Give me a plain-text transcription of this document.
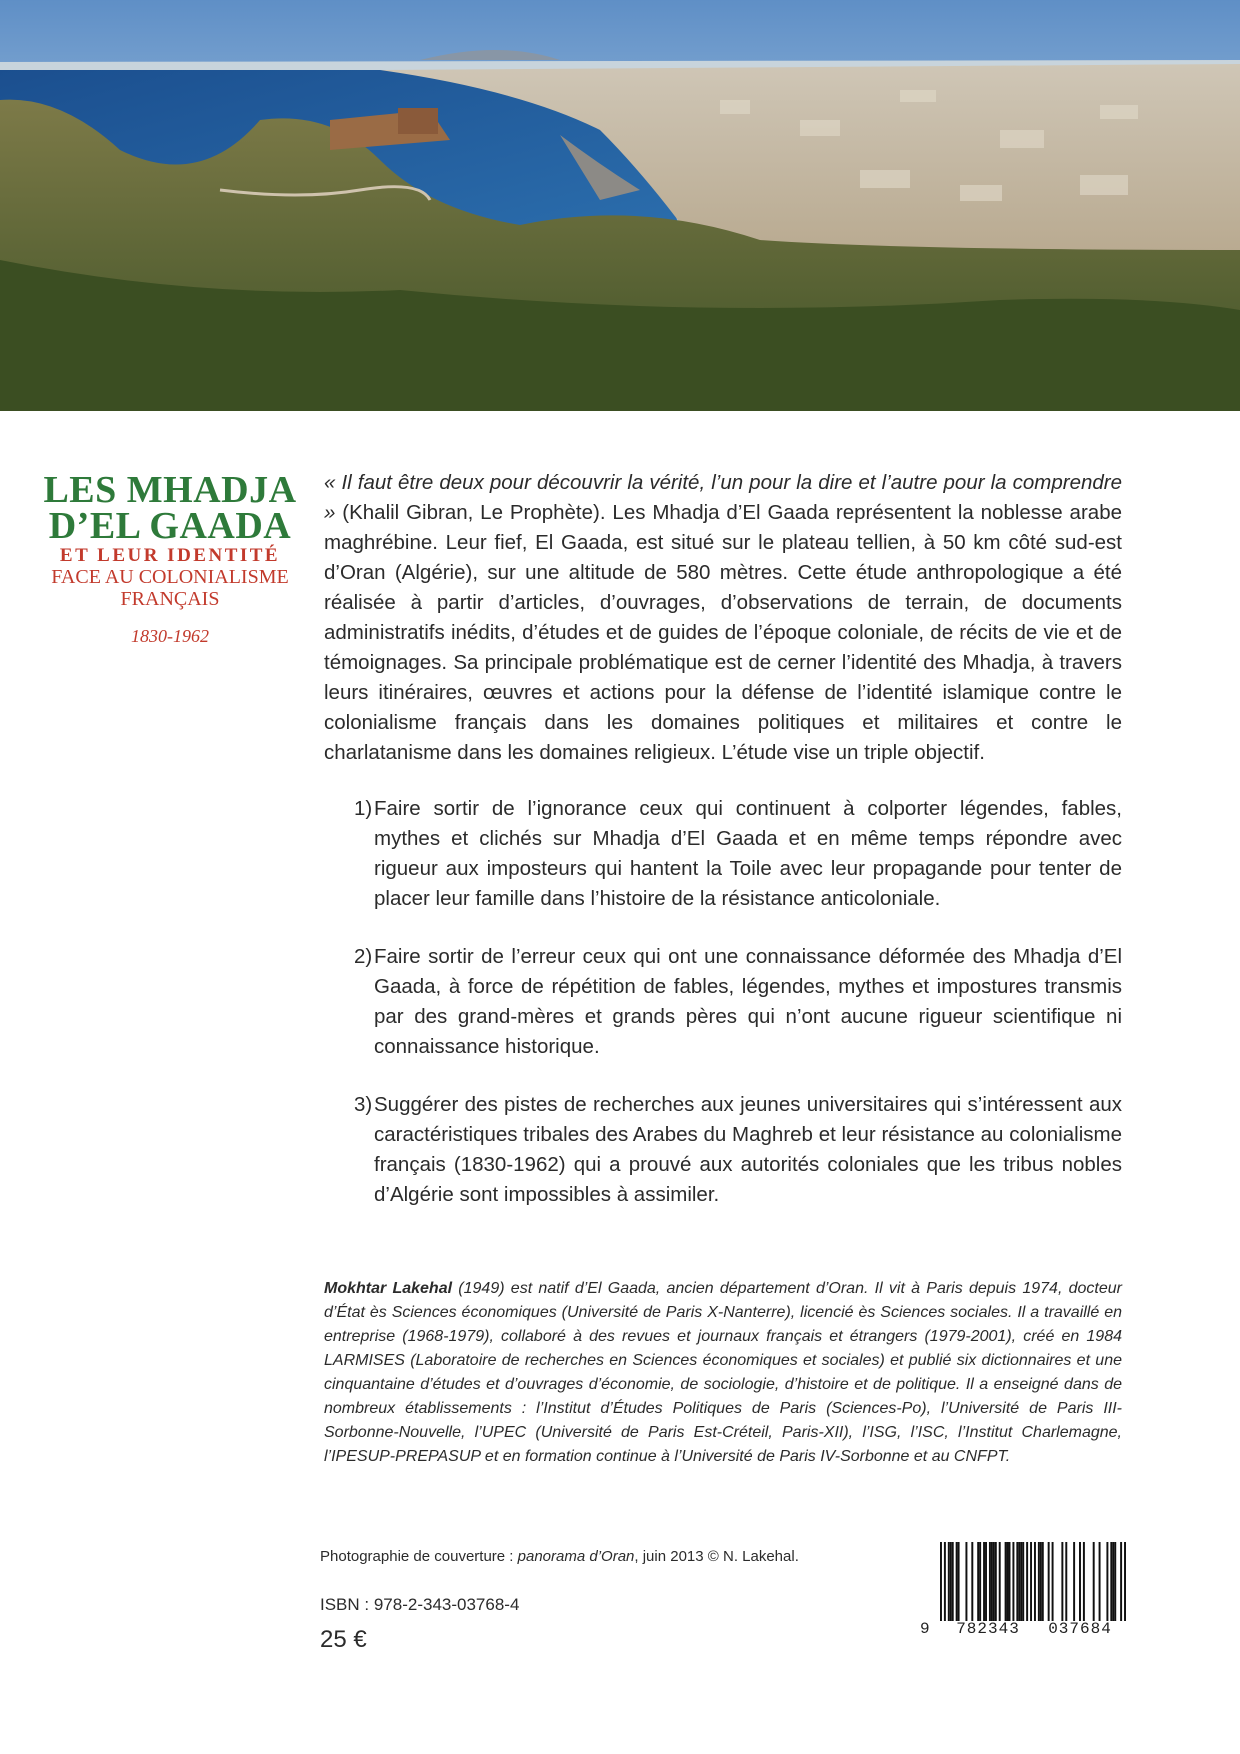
LES MHADJA
D’EL GAADA
ET LEUR IDENTITÉ
FACE AU COLONIALISME
FRANÇAIS
1830-1962

« Il faut être deux pour découvrir la vérité, l’un pour la dire et l’autre pour la comprendre » (Khalil Gibran, Le Prophète). Les Mhadja d’El Gaada représentent la noblesse arabe maghrébine. Leur fief, El Gaada, est situé sur le plateau tellien, à 50 km côté sud-est d’Oran (Algérie), sur une altitude de 580 mètres. Cette étude anthropologique a été réalisée à partir d’articles, d’ouvrages, d’observations de terrain, de documents administratifs inédits, d’études et de guides de l’époque coloniale, de récits de vie et de témoignages. Sa principale problématique est de cerner l’identité des Mhadja, à travers leurs itinéraires, œuvres et actions pour la défense de l’identité islamique contre le colonialisme français dans les domaines politiques et militaires et contre le charlatanisme dans les domaines religieux. L’étude vise un triple objectif.

1) Faire sortir de l’ignorance ceux qui continuent à colporter légendes, fables, mythes et clichés sur Mhadja d’El Gaada et en même temps répondre avec rigueur aux imposteurs qui hantent la Toile avec leur propagande pour tenter de placer leur famille dans l’histoire de la résistance anticoloniale.
2) Faire sortir de l’erreur ceux qui ont une connaissance déformée des Mhadja d’El Gaada, à force de répétition de fables, légendes, mythes et impostures transmis par des grand-mères et grands pères qui n’ont aucune rigueur scientifique ni connaissance historique.
3) Suggérer des pistes de recherches aux jeunes universitaires qui s’intéressent aux caractéristiques tribales des Arabes du Maghreb et leur résistance au colonialisme français (1830-1962) qui a prouvé aux autorités coloniales que les tribus nobles d’Algérie sont impossibles à assimiler.
Mokhtar Lakehal (1949) est natif d’El Gaada, ancien département d’Oran. Il vit à Paris depuis 1974, docteur d’État ès Sciences économiques (Université de Paris X-Nanterre), licencié ès Sciences sociales. Il a travaillé en entreprise (1968-1979), collaboré à des revues et journaux français et étrangers (1979-2001), créé en 1984 LARMISES (Laboratoire de recherches en Sciences économiques et sociales) et publié six dictionnaires et une cinquantaine d’études et d’ouvrages d’économie, de sociologie, d’histoire et de politique. Il a enseigné dans de nombreux établissements : l’Institut d’Études Politiques de Paris (Sciences-Po), l’Université de Paris III-Sorbonne-Nouvelle, l’UPEC (Université de Paris Est-Créteil, Paris-XII), l’ISG, l’ISC, l’Institut Charlemagne, l’IPESUP-PREPASUP et en formation continue à l’Université de Paris IV-Sorbonne et au CNFPT.
Photographie de couverture : panorama d’Oran, juin 2013 © N. Lakehal.
ISBN : 978-2-343-03768-4
25 €	9	782343	037684
